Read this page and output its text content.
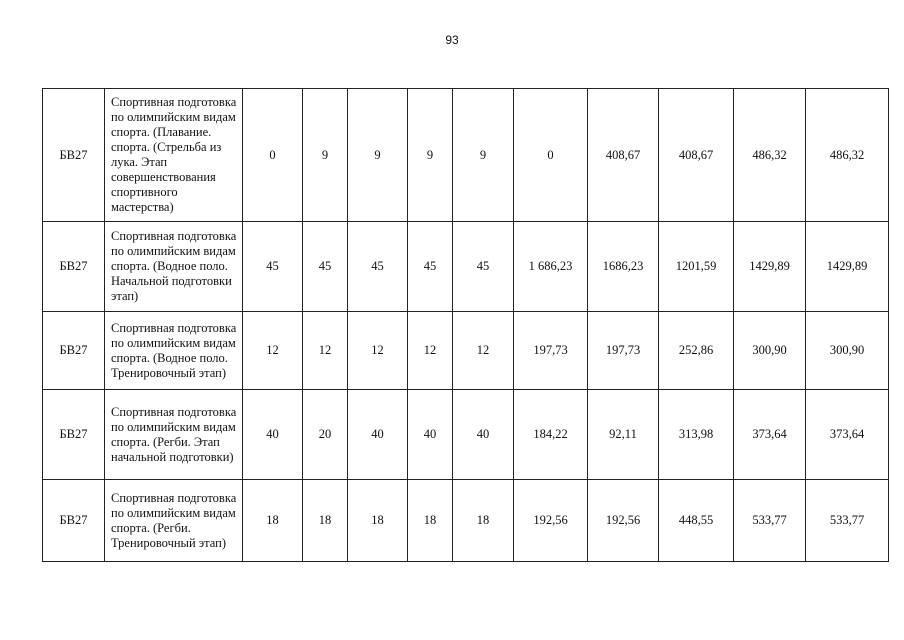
93
БВ27	Спортивная подготовка по олимпийским видам спорта. (Плавание. спорта. (Стрельба из лука. Этап совершенствования спортивного мастерства)	0	9	9	9	9	0	408,67	408,67	486,32	486,32
БВ27	Спортивная подготовка по олимпийским видам спорта. (Водное поло. Начальной подготовки этап)	45	45	45	45	45	1 686,23	1686,23	1201,59	1429,89	1429,89
БВ27	Спортивная подготовка по олимпийским видам спорта. (Водное поло. Тренировочный этап)	12	12	12	12	12	197,73	197,73	252,86	300,90	300,90
БВ27	Спортивная подготовка по олимпийским видам спорта. (Регби. Этап начальной подготовки)	40	20	40	40	40	184,22	92,11	313,98	373,64	373,64
БВ27	Спортивная подготовка по олимпийским видам спорта. (Регби. Тренировочный этап)	18	18	18	18	18	192,56	192,56	448,55	533,77	533,77
